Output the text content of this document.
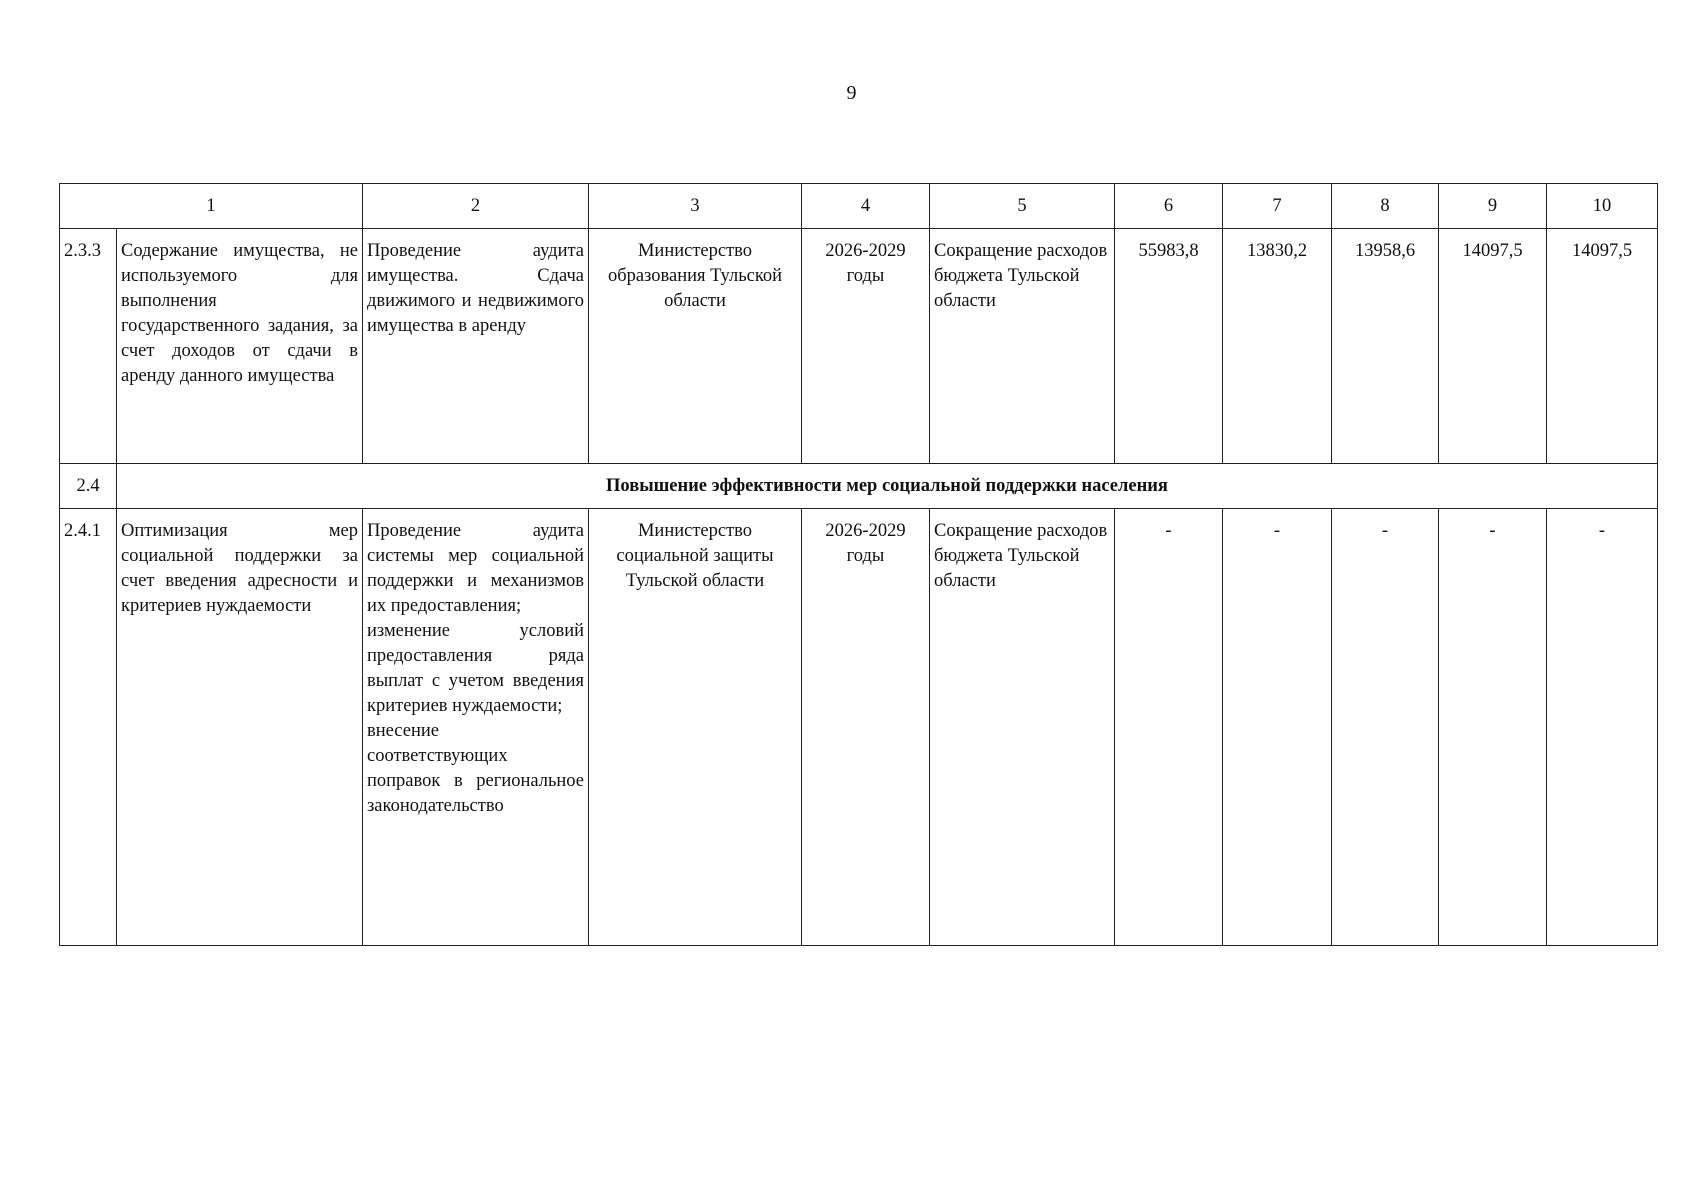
9
1		2	3	4	5	6	7	8	9	10
2.3.3	Содержание имущества, не используемого для выполнения государственного задания, за счет доходов от сдачи в аренду данного имущества	Проведение аудита имущества. Сдача движимого и недвижимого имущества в аренду	Министерство образования Тульской области	2026-2029 годы	Сокращение расходов бюджета Тульской области	55983,8	13830,2	13958,6	14097,5	14097,5
2.4	Повышение эффективности мер социальной поддержки населения									
2.4.1	Оптимизация мер социальной поддержки за счет введения адресности и критериев нуждаемости	Проведение аудита системы мер социальной поддержки и механизмов их предоставления;
изменение условий предоставления ряда выплат с учетом введения критериев нуждаемости;
внесение соответствующих поправок в региональное законодательство	Министерство социальной защиты Тульской области	2026-2029 годы	Сокращение расходов бюджета Тульской области	-	-	-	-	-
